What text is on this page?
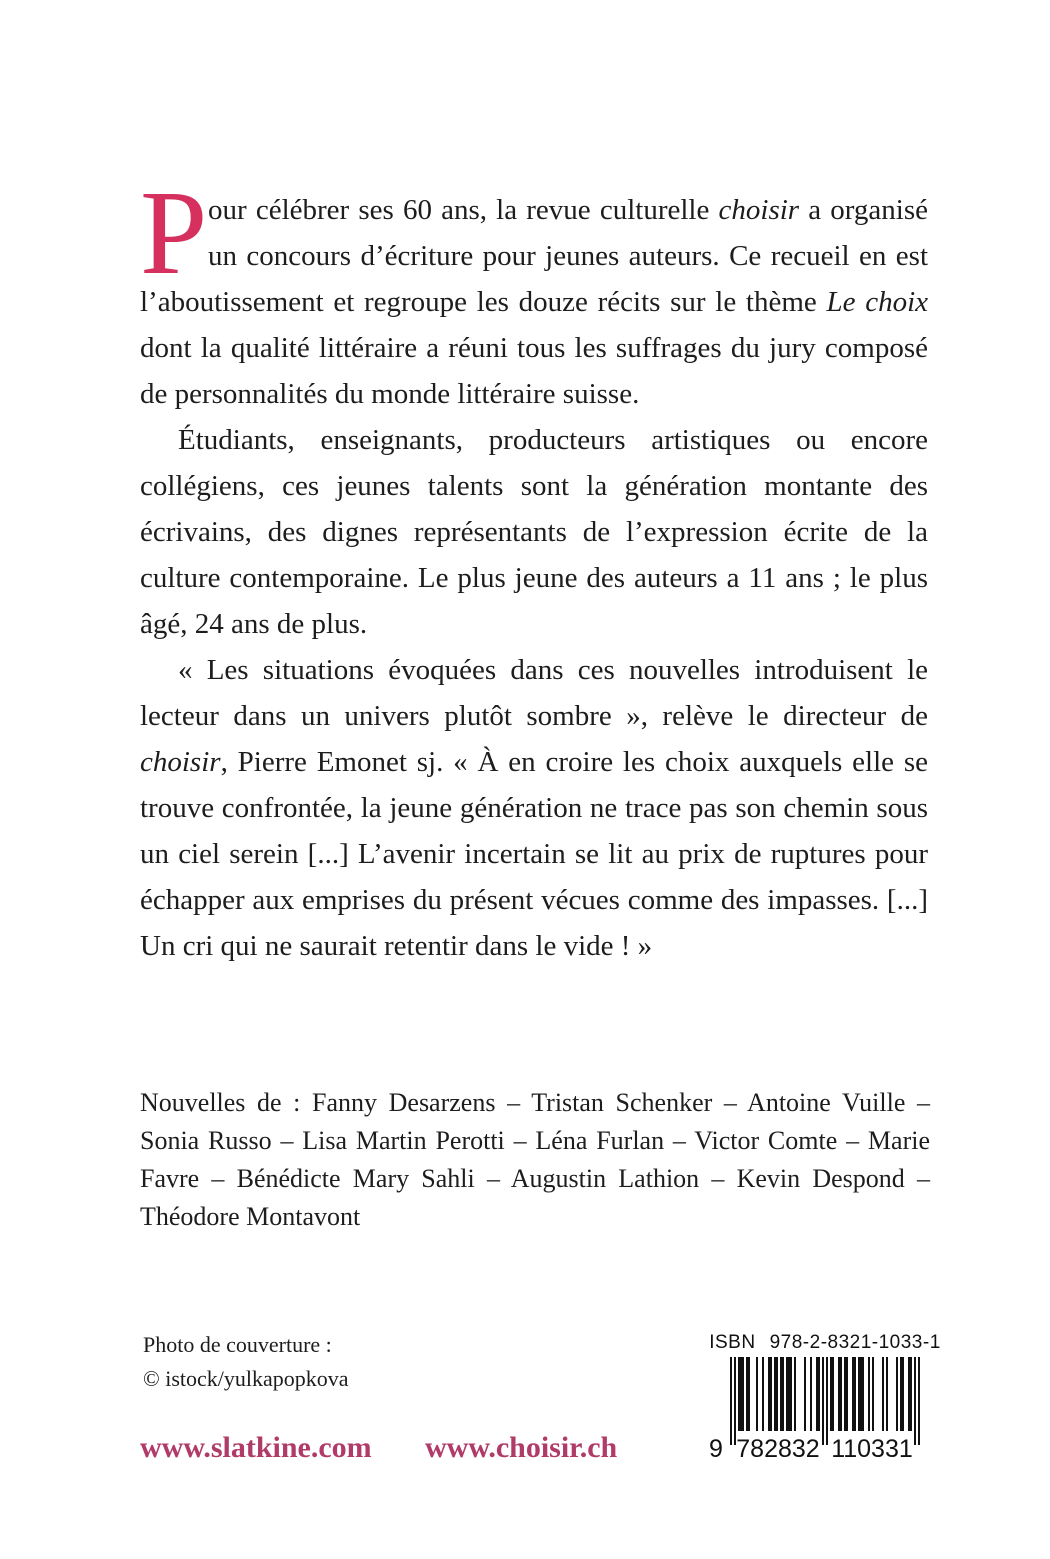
Pour célébrer ses 60 ans, la revue culturelle choisir a organisé un concours d’écriture pour jeunes auteurs. Ce recueil en est l’aboutissement et regroupe les douze récits sur le thème Le choix dont la qualité littéraire a réuni tous les suffrages du jury composé de personnalités du monde littéraire suisse.

Étudiants, enseignants, producteurs artistiques ou encore collégiens, ces jeunes talents sont la génération montante des écrivains, des dignes représentants de l’expression écrite de la culture contemporaine. Le plus jeune des auteurs a 11 ans ; le plus âgé, 24 ans de plus.

« Les situations évoquées dans ces nouvelles introduisent le lecteur dans un univers plutôt sombre », relève le directeur de choisir, Pierre Emonet sj. « À en croire les choix auxquels elle se trouve confrontée, la jeune génération ne trace pas son chemin sous un ciel serein [...] L’avenir incertain se lit au prix de ruptures pour échapper aux emprises du présent vécues comme des impasses. [...] Un cri qui ne saurait retentir dans le vide ! »

Nouvelles de : Fanny Desarzens – Tristan Schenker – Antoine Vuille – Sonia Russo – Lisa Martin Perotti – Léna Furlan – Victor Comte – Marie Favre – Bénédicte Mary Sahli – Augustin Lathion – Kevin Despond – Théodore Montavont
Photo de couverture :
© istock/yulkapopkova
www.slatkine.com www.choisir.ch
ISBN 978-2-8321-1033-1
9 782832 110331
